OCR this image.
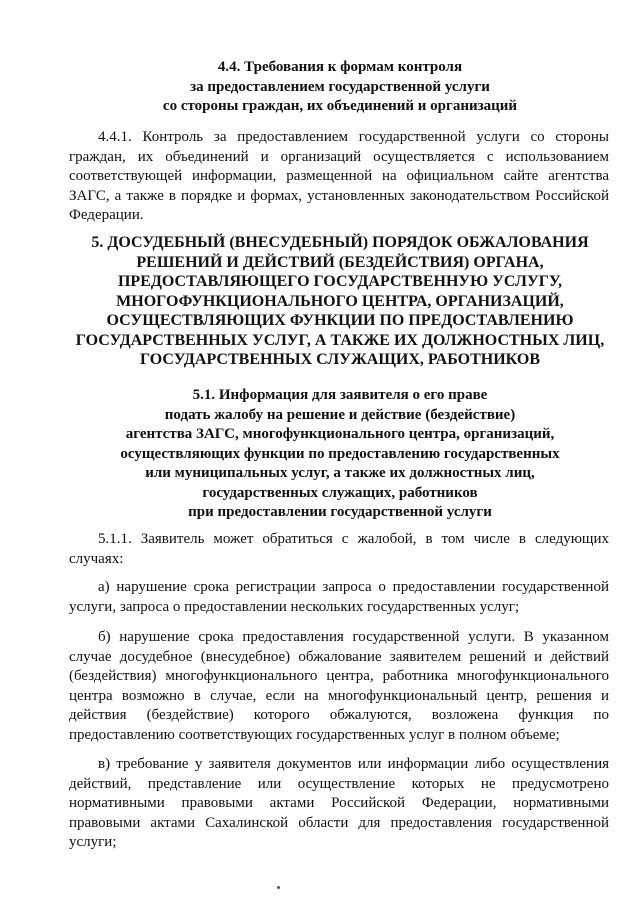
4.4. Требования к формам контроля
за предоставлением государственной услуги
со стороны граждан, их объединений и организаций
4.4.1. Контроль за предоставлением государственной услуги со стороны граждан, их объединений и организаций осуществляется с использованием соответствующей информации, размещенной на официальном сайте агентства ЗАГС, а также в порядке и формах, установленных законодательством Российской Федерации.
5. ДОСУДЕБНЫЙ (ВНЕСУДЕБНЫЙ) ПОРЯДОК ОБЖАЛОВАНИЯ
РЕШЕНИЙ И ДЕЙСТВИЙ (БЕЗДЕЙСТВИЯ) ОРГАНА,
ПРЕДОСТАВЛЯЮЩЕГО ГОСУДАРСТВЕННУЮ УСЛУГУ,
МНОГОФУНКЦИОНАЛЬНОГО ЦЕНТРА, ОРГАНИЗАЦИЙ,
ОСУЩЕСТВЛЯЮЩИХ ФУНКЦИИ ПО ПРЕДОСТАВЛЕНИЮ
ГОСУДАРСТВЕННЫХ УСЛУГ, А ТАКЖЕ ИХ ДОЛЖНОСТНЫХ ЛИЦ,
ГОСУДАРСТВЕННЫХ СЛУЖАЩИХ, РАБОТНИКОВ
5.1. Информация для заявителя о его праве
подать жалобу на решение и действие (бездействие)
агентства ЗАГС, многофункционального центра, организаций,
осуществляющих функции по предоставлению государственных
или муниципальных услуг, а также их должностных лиц,
государственных служащих, работников
при предоставлении государственной услуги
5.1.1. Заявитель может обратиться с жалобой, в том числе в следующих случаях:
а) нарушение срока регистрации запроса о предоставлении государственной услуги, запроса о предоставлении нескольких государственных услуг;
б) нарушение срока предоставления государственной услуги. В указанном случае досудебное (внесудебное) обжалование заявителем решений и действий (бездействия) многофункционального центра, работника многофункционального центра возможно в случае, если на многофункциональный центр, решения и действия (бездействие) которого обжалуются, возложена функция по предоставлению соответствующих государственных услуг в полном объеме;
в) требование у заявителя документов или информации либо осуществления действий, представление или осуществление которых не предусмотрено нормативными правовыми актами Российской Федерации, нормативными правовыми актами Сахалинской области для предоставления государственной услуги;
